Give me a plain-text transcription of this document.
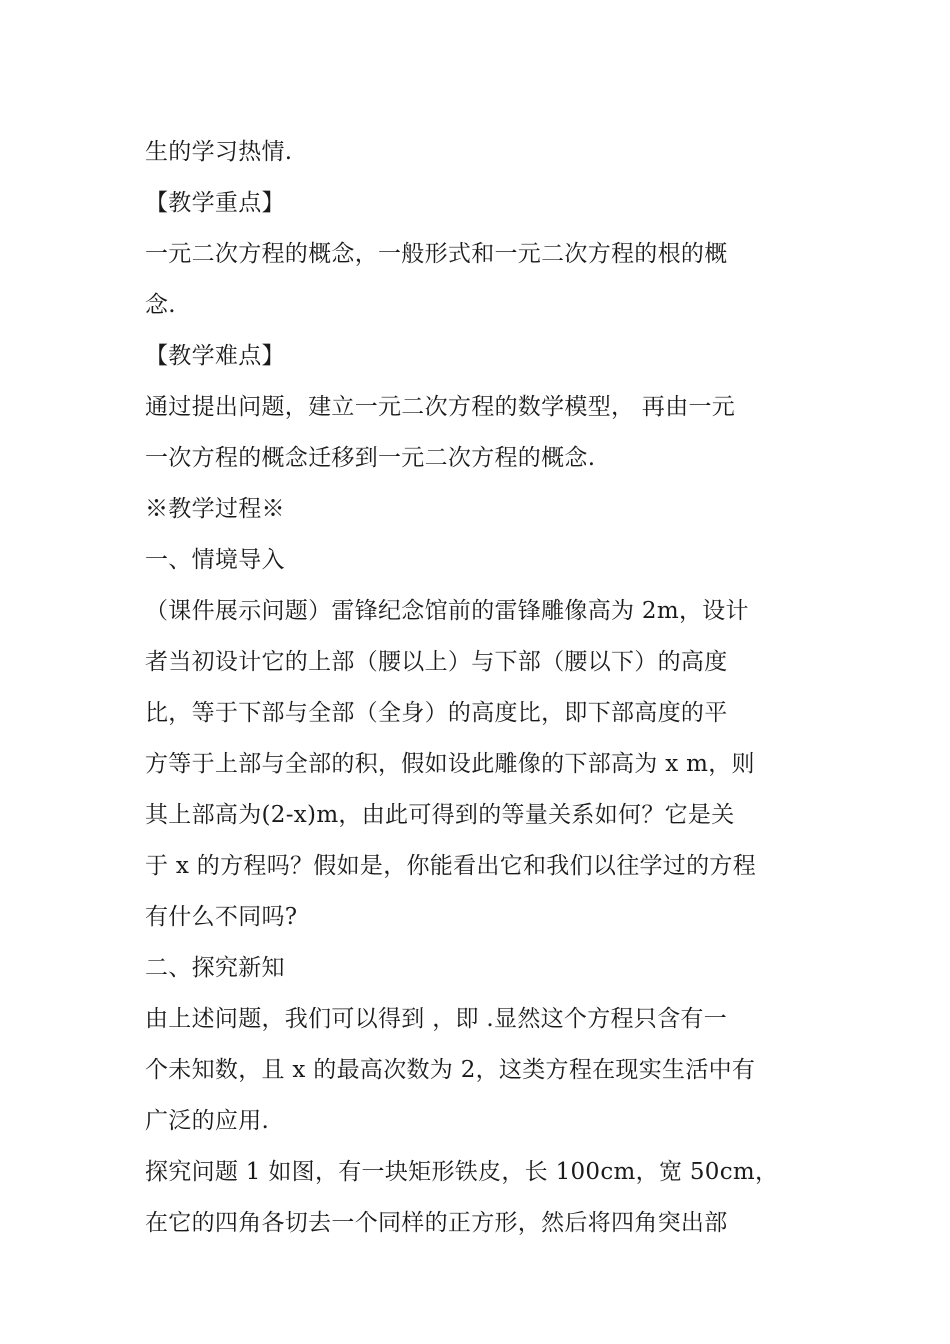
生的学习热情.
【教学重点】
一元二次方程的概念，一般形式和一元二次方程的根的概
念.
【教学难点】
通过提出问题，建立一元二次方程的数学模型， 再由一元
一次方程的概念迁移到一元二次方程的概念.
※教学过程※
一、情境导入
（课件展示问题）雷锋纪念馆前的雷锋雕像高为 2m，设计
者当初设计它的上部（腰以上）与下部（腰以下）的高度
比，等于下部与全部（全身）的高度比，即下部高度的平
方等于上部与全部的积，假如设此雕像的下部高为 x m，则
其上部高为(2-x)m，由此可得到的等量关系如何？它是关
于 x 的方程吗？假如是，你能看出它和我们以往学过的方程
有什么不同吗?
二、探究新知
由上述问题，我们可以得到 ，即 .显然这个方程只含有一
个未知数，且 x 的最高次数为 2，这类方程在现实生活中有
广泛的应用.
探究问题 1 如图，有一块矩形铁皮，长 100cm，宽 50cm，
在它的四角各切去一个同样的正方形，然后将四角突出部
